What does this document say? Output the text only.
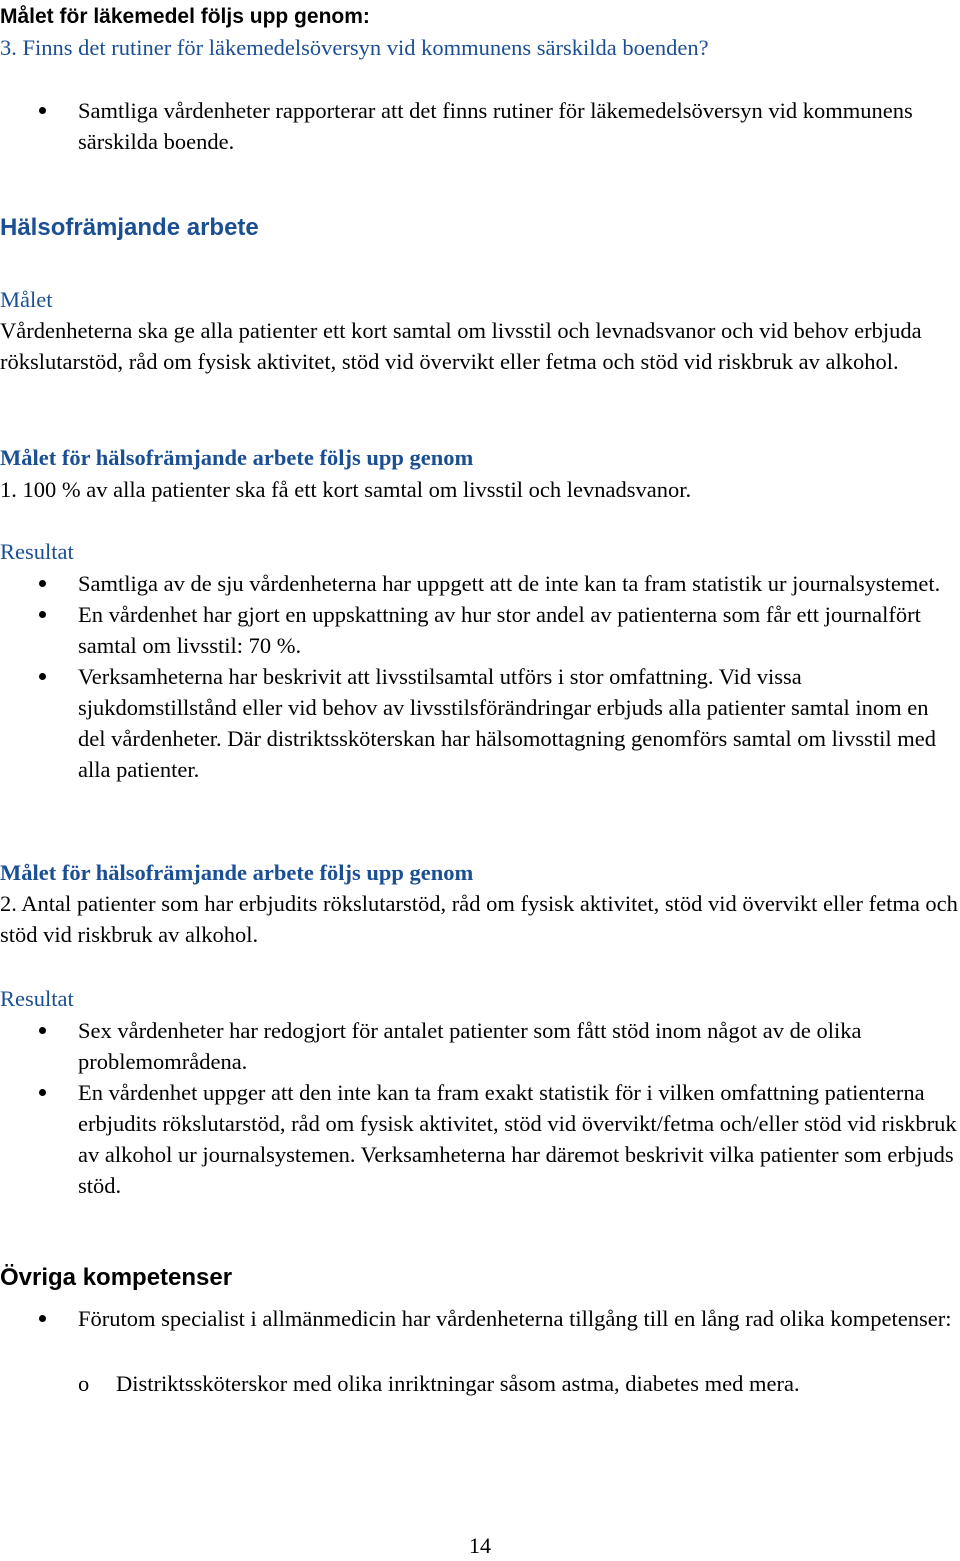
Målet för läkemedel följs upp genom:

3. Finns det rutiner för läkemedelsöversyn vid kommunens särskilda boenden?

Samtliga vårdenheter rapporterar att det finns rutiner för läkemedelsöversyn vid kommunens särskilda boende.

Hälsofrämjande arbete

Målet

Vårdenheterna ska ge alla patienter ett kort samtal om livsstil och levnadsvanor och vid behov erbjuda rökslutarstöd, råd om fysisk aktivitet, stöd vid övervikt eller fetma och stöd vid riskbruk av alkohol.

Målet för hälsofrämjande arbete följs upp genom

1. 100 % av alla patienter ska få ett kort samtal om livsstil och levnadsvanor.

Resultat

Samtliga av de sju vårdenheterna har uppgett att de inte kan ta fram statistik ur journalsystemet.
En vårdenhet har gjort en uppskattning av hur stor andel av patienterna som får ett journalfört samtal om livsstil: 70 %.
Verksamheterna har beskrivit att livsstilsamtal utförs i stor omfattning. Vid vissa sjukdomstillstånd eller vid behov av livsstilsförändringar erbjuds alla patienter samtal inom en del vårdenheter. Där distriktssköterskan har hälsomottagning genomförs samtal om livsstil med alla patienter.

Målet för hälsofrämjande arbete följs upp genom

2. Antal patienter som har erbjudits rökslutarstöd, råd om fysisk aktivitet, stöd vid övervikt eller fetma och stöd vid riskbruk av alkohol.

Resultat

Sex vårdenheter har redogjort för antalet patienter som fått stöd inom något av de olika problemområdena.
En vårdenhet uppger att den inte kan ta fram exakt statistik för i vilken omfattning patienterna erbjudits rökslutarstöd, råd om fysisk aktivitet, stöd vid övervikt/fetma och/eller stöd vid riskbruk av alkohol ur journalsystemen. Verksamheterna har däremot beskrivit vilka patienter som erbjuds stöd.

Övriga kompetenser

Förutom specialist i allmänmedicin har vårdenheterna tillgång till en lång rad olika kompetenser:
o Distriktssköterskor med olika inriktningar såsom astma, diabetes med mera.
14
